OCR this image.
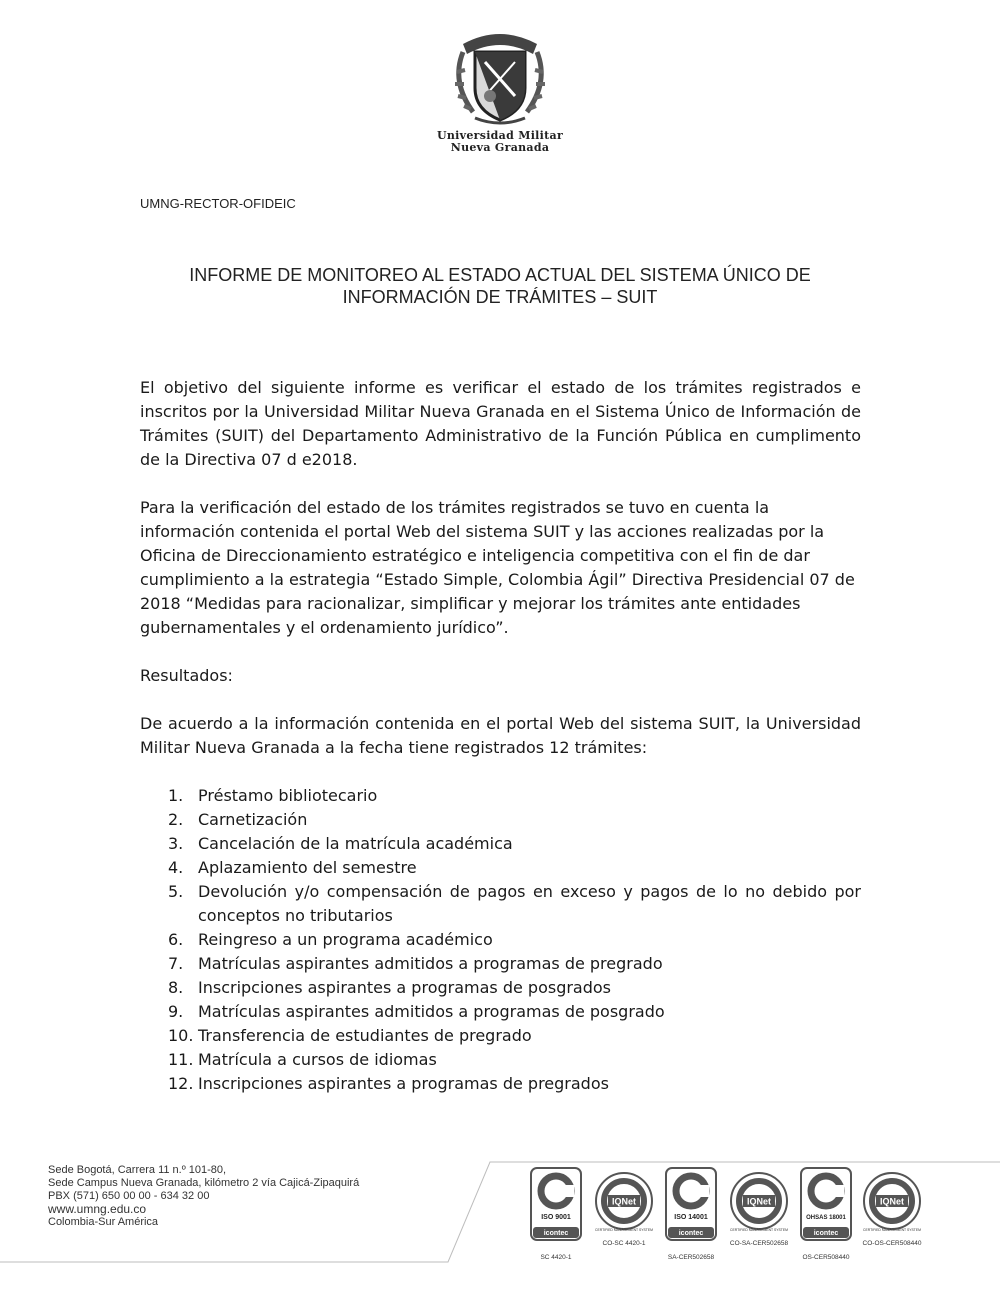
Universidad Militar
Nueva Granada
UMNG-RECTOR-OFIDEIC
INFORME DE MONITOREO AL ESTADO ACTUAL DEL SISTEMA ÚNICO DE
INFORMACIÓN DE TRÁMITES – SUIT

El objetivo del siguiente informe es verificar el estado de los trámites registrados e inscritos por la Universidad Militar Nueva Granada en el Sistema Único de Información de Trámites (SUIT) del Departamento Administrativo de la Función Pública en cumplimento de la Directiva 07 d e2018.

Para la verificación del estado de los trámites registrados se tuvo en cuenta la información contenida el portal Web del sistema SUIT y las acciones realizadas por la Oficina de Direccionamiento estratégico e inteligencia competitiva con el fin de dar cumplimiento a la estrategia “Estado Simple, Colombia Ágil” Directiva Presidencial 07 de 2018 “Medidas para racionalizar, simplificar y mejorar los trámites ante entidades gubernamentales y el ordenamiento jurídico”.

Resultados:

De acuerdo a la información contenida en el portal Web del sistema SUIT, la Universidad Militar Nueva Granada a la fecha tiene registrados 12 trámites:

1. Préstamo bibliotecario
2. Carnetización
3. Cancelación de la matrícula académica
4. Aplazamiento del semestre
5. Devolución y/o compensación de pagos en exceso y pagos de lo no debido por conceptos no tributarios
6. Reingreso a un programa académico
7. Matrículas aspirantes admitidos a programas de pregrado
8. Inscripciones aspirantes a programas de posgrados
9. Matrículas aspirantes admitidos a programas de posgrado
10. Transferencia de estudiantes de pregrado
11. Matrícula a cursos de idiomas
12. Inscripciones aspirantes a programas de pregrados
Sede Bogotá, Carrera 11 n.º 101-80,
Sede Campus Nueva Granada, kilómetro 2 vía Cajicá-Zipaquirá
PBX (571) 650 00 00 - 634 32 00
www.umng.edu.co
Colombia-Sur América	ISO 9001
icontec
SC 4420-1
IQNet
CERTIFIED MANAGEMENT SYSTEM
CO-SC 4420-1
ISO 14001
icontec
SA-CER502658
IQNet
CERTIFIED MANAGEMENT SYSTEM
CO-SA-CER502658
OHSAS 18001
icontec
OS-CER508440
IQNet
CERTIFIED MANAGEMENT SYSTEM
CO-OS-CER508440
